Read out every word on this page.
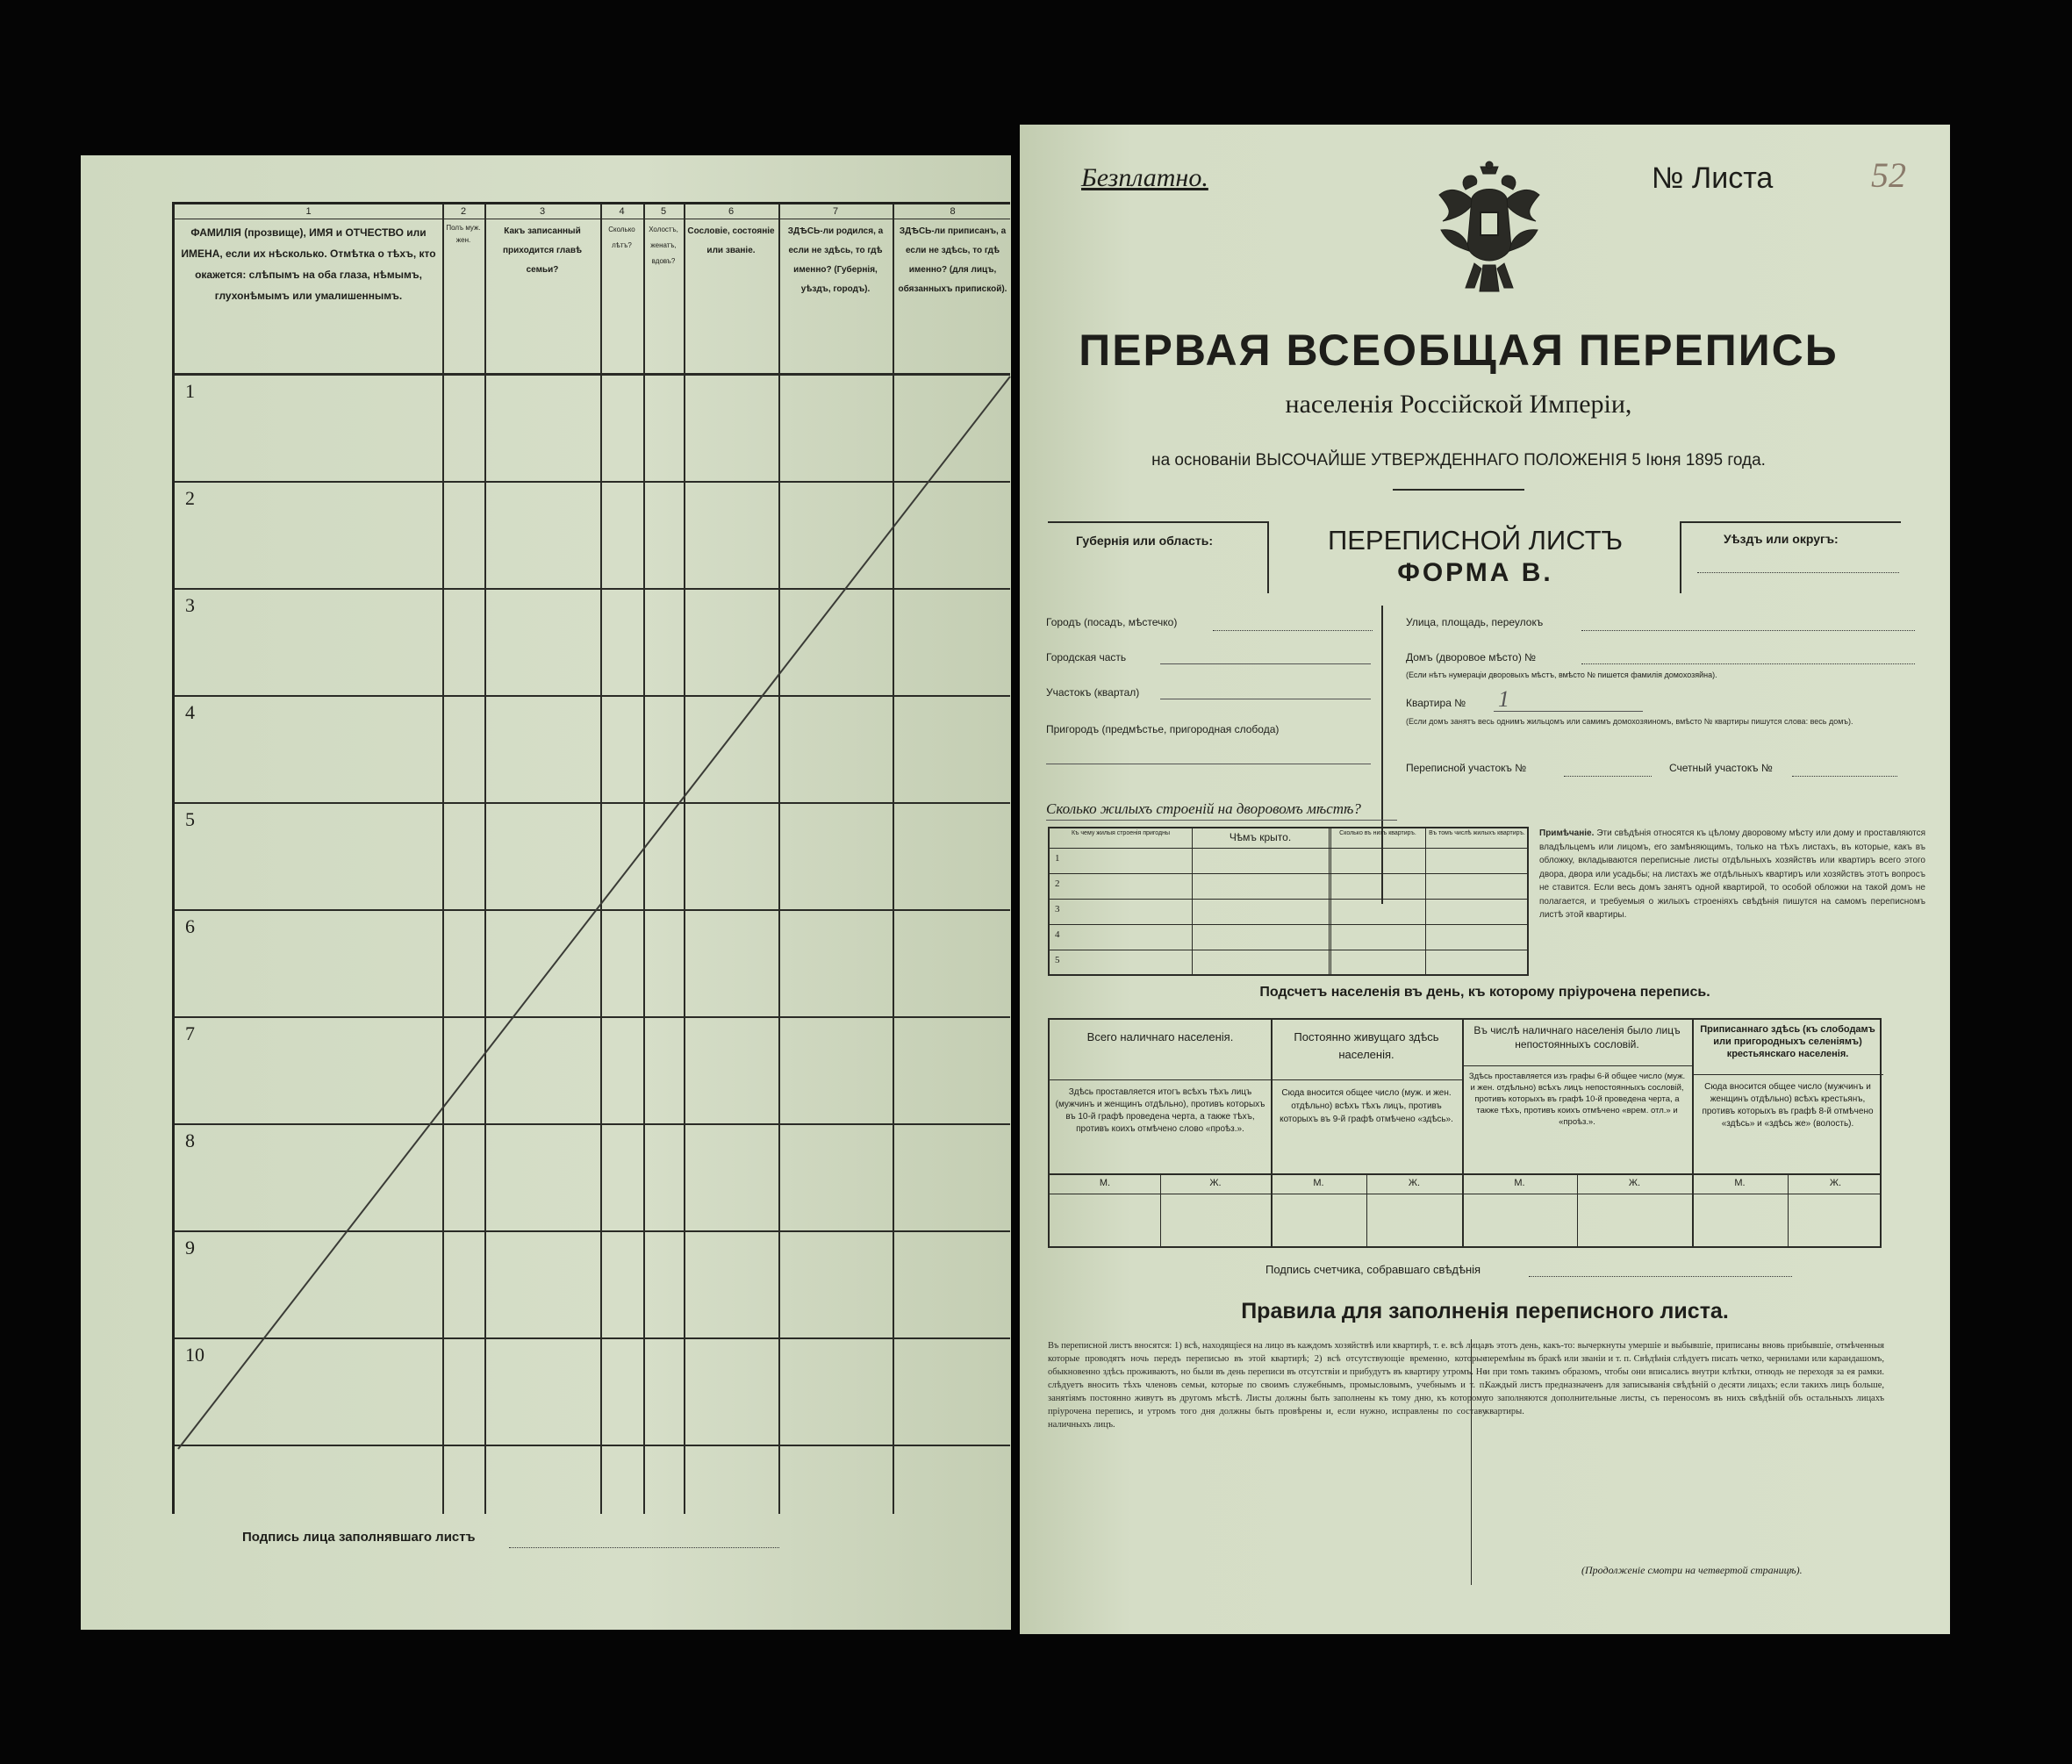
1	2	3	4	5	6	7	8
ФАМИЛІЯ (прозвище), ИМЯ и ОТЧЕСТВО или ИМЕНА, если их нѣсколько. Отмѣтка о тѣхъ, кто окажется: слѣпымъ на оба глаза, нѣмымъ, глухонѣмымъ или умалишеннымъ.
Полъ муж. жен.
Какъ записанный приходится главѣ семьи?
Сколько лѣтъ?
Холостъ, женатъ, вдовъ?
Сословіе, состояніе или званіе.
ЗДѢСЬ-ли родился, а если не здѣсь, то гдѣ именно? (Губернія, уѣздъ, городъ).
ЗДѢСЬ-ли приписанъ, а если не здѣсь, то гдѣ именно? (для лицъ, обязанныхъ припиской).
1
2
3
4
5
6
7
8
9
10
Подпись лица заполнявшаго листъ
Безплатно.	№ Листа	52
ПЕРВАЯ ВСЕОБЩАЯ ПЕРЕПИСЬ
населенія Россійской Имперіи,
на основаніи ВЫСОЧАЙШЕ УТВЕРЖДЕННАГО ПОЛОЖЕНІЯ 5 Іюня 1895 года.
Губернія или область:	ПЕРЕПИСНОЙ ЛИСТЪ
ФОРМА В.
Уѣздъ или округъ:
Городъ (посадъ, мѣстечко)
Городская часть
Участокъ (квартал)
Пригородъ (предмѣстье, пригородная слобода)
Улица, площадь, переулокъ
Домъ (дворовое мѣсто) №
(Если нѣтъ нумераціи дворовыхъ мѣстъ, вмѣсто № пишется фамилія домохозяйна).
Квартира № 1
(Если домъ занятъ весь однимъ жильцомъ или самимъ домохозяиномъ, вмѣсто № квартиры пишутся слова: весь домъ).
Переписной участокъ №	Счетный участокъ №
Сколько жилыхъ строеній на дворовомъ мѣстѣ?
Къ чему жилыя строенія пригодны	Чѣмъ крыто.	Сколько въ нихъ квартиръ.	Въ томъ числѣ жилыхъ квартиръ.
1
2
3
4
5
Примѣчаніе. Эти свѣдѣнія относятся къ цѣлому дворовому мѣсту или дому и проставляются владѣльцемъ или лицомъ, его замѣняющимъ, только на тѣхъ листахъ, въ которые, какъ въ обложку, вкладываются переписные листы отдѣльныхъ хозяйствъ или квартиръ всего этого двора, двора или усадьбы; на листахъ же отдѣльныхъ квартиръ или хозяйствъ этотъ вопросъ не ставится. Если весь домъ занятъ одной квартирой, то особой обложки на такой домъ не полагается, и требуемыя о жилыхъ строеніяхъ свѣдѣнія пишутся на самомъ переписномъ листѣ этой квартиры.
Подсчетъ населенія въ день, къ которому пріурочена перепись.
Всего наличнаго населенія.
Здѣсь проставляется итогъ всѣхъ тѣхъ лицъ (мужчинъ и женщинъ отдѣльно), противъ которыхъ въ 10-й графѣ проведена черта, а также тѣхъ, противъ коихъ отмѣчено слово «проѣз.».
Постоянно живущаго здѣсь населенія.
Сюда вносится общее число (муж. и жен. отдѣльно) всѣхъ тѣхъ лицъ, противъ которыхъ въ 9-й графѣ отмѣчено «здѣсь».
Въ числѣ наличнаго населенія было лицъ непостоянныхъ сословій.
Здѣсь проставляется изъ графы 6-й общее число (муж. и жен. отдѣльно) всѣхъ лицъ непостоянныхъ сословій, противъ которыхъ въ графѣ 10-й проведена черта, а также тѣхъ, противъ коихъ отмѣчено «врем. отл.» и «проѣз.».
Приписаннаго здѣсь (къ слободамъ или пригородныхъ селеніямъ) крестьянскаго населенія.
Сюда вносится общее число (мужчинъ и женщинъ отдѣльно) всѣхъ крестьянъ, противъ которыхъ въ графѣ 8-й отмѣчено «здѣсь» и «здѣсь же» (волость).
М.	Ж.	М.	Ж.	М.	Ж.	М.	Ж.
Подпись счетчика, собравшаго свѣдѣнія
Правила для заполненія переписного листа.
Въ переписной листъ вносятся: 1) всѣ, находящіеся на лицо въ каждомъ хозяйствѣ или квартирѣ, т. е. всѣ лица, которые проводятъ ночь передъ переписью въ этой квартирѣ; 2) всѣ отсутствующіе временно, которые обыкновенно здѣсь проживаютъ, но были въ день переписи въ отсутствіи и прибудутъ въ квартиру утромъ. Не слѣдуетъ вносить тѣхъ членовъ семьи, которые по своимъ служебнымъ, промысловымъ, учебнымъ и т. п. занятіямъ постоянно живутъ въ другомъ мѣстѣ. Листы должны быть заполнены къ тому дню, къ которому пріурочена перепись, и утромъ того дня должны быть провѣрены и, если нужно, исправлены по составу наличныхъ лицъ.
въ этотъ день, какъ-то: вычеркнуты умершіе и выбывшіе, приписаны вновь прибывшіе, отмѣченныя перемѣны въ бракѣ или званіи и т. п. Свѣдѣнія слѣдуетъ писать четко, чернилами или карандашомъ, и при томъ такимъ образомъ, чтобы они вписались внутри клѣтки, отнюдь не переходя за ея рамки. Каждый листъ предназначенъ для записыванія свѣдѣній о десяти лицахъ; если такихъ лицъ больше, то заполняются дополнительные листы, съ переносомъ въ нихъ свѣдѣній объ остальныхъ лицахъ квартиры.
(Продолженіе смотри на четвертой страницѣ).
